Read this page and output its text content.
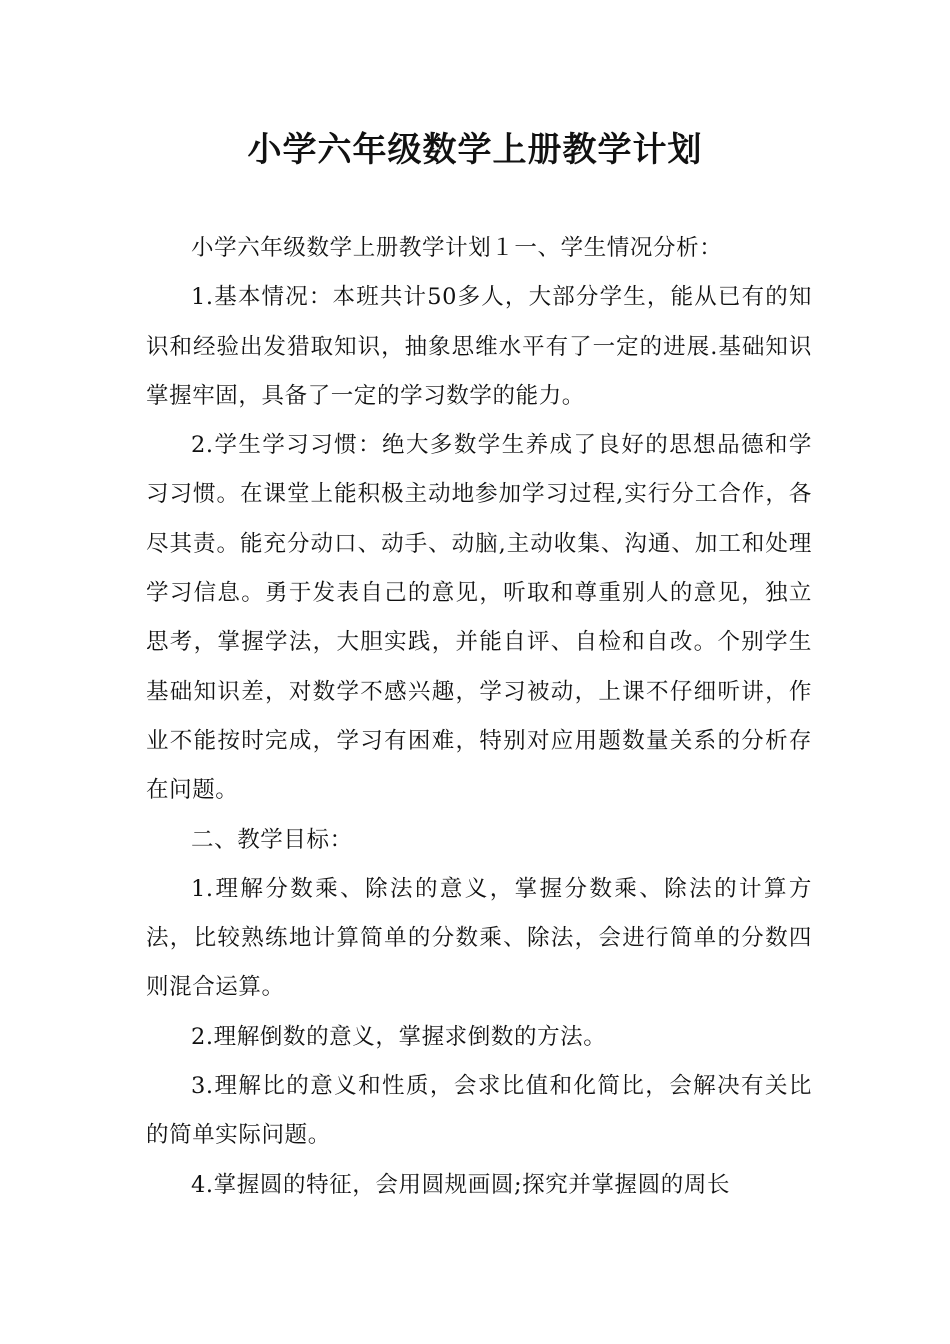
小学六年级数学上册教学计划

小学六年级数学上册教学计划１一、学生情况分析：

1.基本情况：本班共计50多人，大部分学生，能从已有的知识和经验出发猎取知识，抽象思维水平有了一定的进展.基础知识掌握牢固，具备了一定的学习数学的能力。

2.学生学习习惯：绝大多数学生养成了良好的思想品德和学习习惯。在课堂上能积极主动地参加学习过程,实行分工合作，各尽其责。能充分动口、动手、动脑,主动收集、沟通、加工和处理学习信息。勇于发表自己的意见，听取和尊重别人的意见，独立思考，掌握学法，大胆实践，并能自评、自检和自改。个别学生基础知识差，对数学不感兴趣，学习被动，上课不仔细听讲，作业不能按时完成，学习有困难，特别对应用题数量关系的分析存在问题。

二、教学目标：

1.理解分数乘、除法的意义，掌握分数乘、除法的计算方法，比较熟练地计算简单的分数乘、除法，会进行简单的分数四则混合运算。

2.理解倒数的意义，掌握求倒数的方法。

3.理解比的意义和性质，会求比值和化简比，会解决有关比的简单实际问题。

4.掌握圆的特征，会用圆规画圆;探究并掌握圆的周长
